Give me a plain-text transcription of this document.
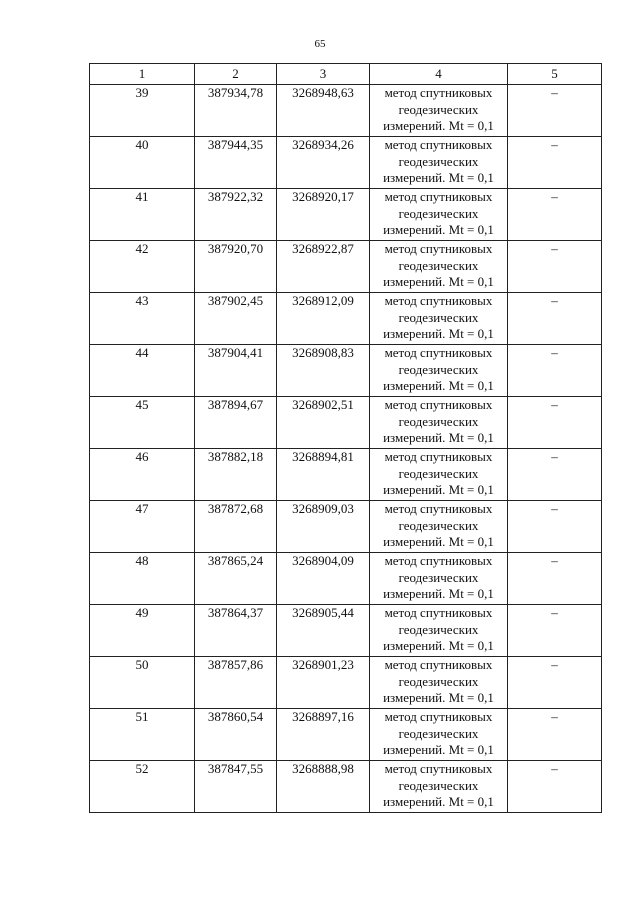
65
1	2	3	4	5
39	387934,78	3268948,63	метод спутниковых
геодезических
измерений. Mt = 0,1	–
40	387944,35	3268934,26	метод спутниковых
геодезических
измерений. Mt = 0,1	–
41	387922,32	3268920,17	метод спутниковых
геодезических
измерений. Mt = 0,1	–
42	387920,70	3268922,87	метод спутниковых
геодезических
измерений. Mt = 0,1	–
43	387902,45	3268912,09	метод спутниковых
геодезических
измерений. Mt = 0,1	–
44	387904,41	3268908,83	метод спутниковых
геодезических
измерений. Mt = 0,1	–
45	387894,67	3268902,51	метод спутниковых
геодезических
измерений. Mt = 0,1	–
46	387882,18	3268894,81	метод спутниковых
геодезических
измерений. Mt = 0,1	–
47	387872,68	3268909,03	метод спутниковых
геодезических
измерений. Mt = 0,1	–
48	387865,24	3268904,09	метод спутниковых
геодезических
измерений. Mt = 0,1	–
49	387864,37	3268905,44	метод спутниковых
геодезических
измерений. Mt = 0,1	–
50	387857,86	3268901,23	метод спутниковых
геодезических
измерений. Mt = 0,1	–
51	387860,54	3268897,16	метод спутниковых
геодезических
измерений. Mt = 0,1	–
52	387847,55	3268888,98	метод спутниковых
геодезических
измерений. Mt = 0,1	–
